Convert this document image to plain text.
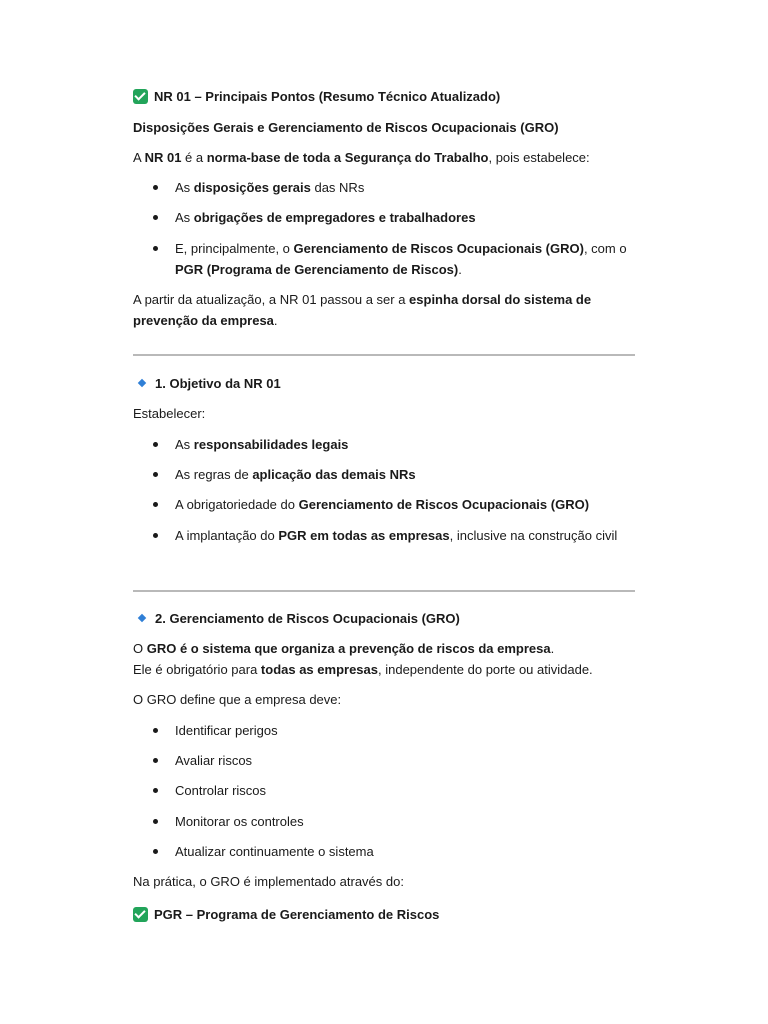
NR 01 – Principais Pontos (Resumo Técnico Atualizado)
Disposições Gerais e Gerenciamento de Riscos Ocupacionais (GRO)
A NR 01 é a norma-base de toda a Segurança do Trabalho, pois estabelece:
As disposições gerais das NRs
As obrigações de empregadores e trabalhadores
E, principalmente, o Gerenciamento de Riscos Ocupacionais (GRO), com o PGR (Programa de Gerenciamento de Riscos).
A partir da atualização, a NR 01 passou a ser a espinha dorsal do sistema de prevenção da empresa.
1. Objetivo da NR 01
Estabelecer:
As responsabilidades legais
As regras de aplicação das demais NRs
A obrigatoriedade do Gerenciamento de Riscos Ocupacionais (GRO)
A implantação do PGR em todas as empresas, inclusive na construção civil
2. Gerenciamento de Riscos Ocupacionais (GRO)
O GRO é o sistema que organiza a prevenção de riscos da empresa.
Ele é obrigatório para todas as empresas, independente do porte ou atividade.
O GRO define que a empresa deve:
Identificar perigos
Avaliar riscos
Controlar riscos
Monitorar os controles
Atualizar continuamente o sistema
Na prática, o GRO é implementado através do:
PGR – Programa de Gerenciamento de Riscos
